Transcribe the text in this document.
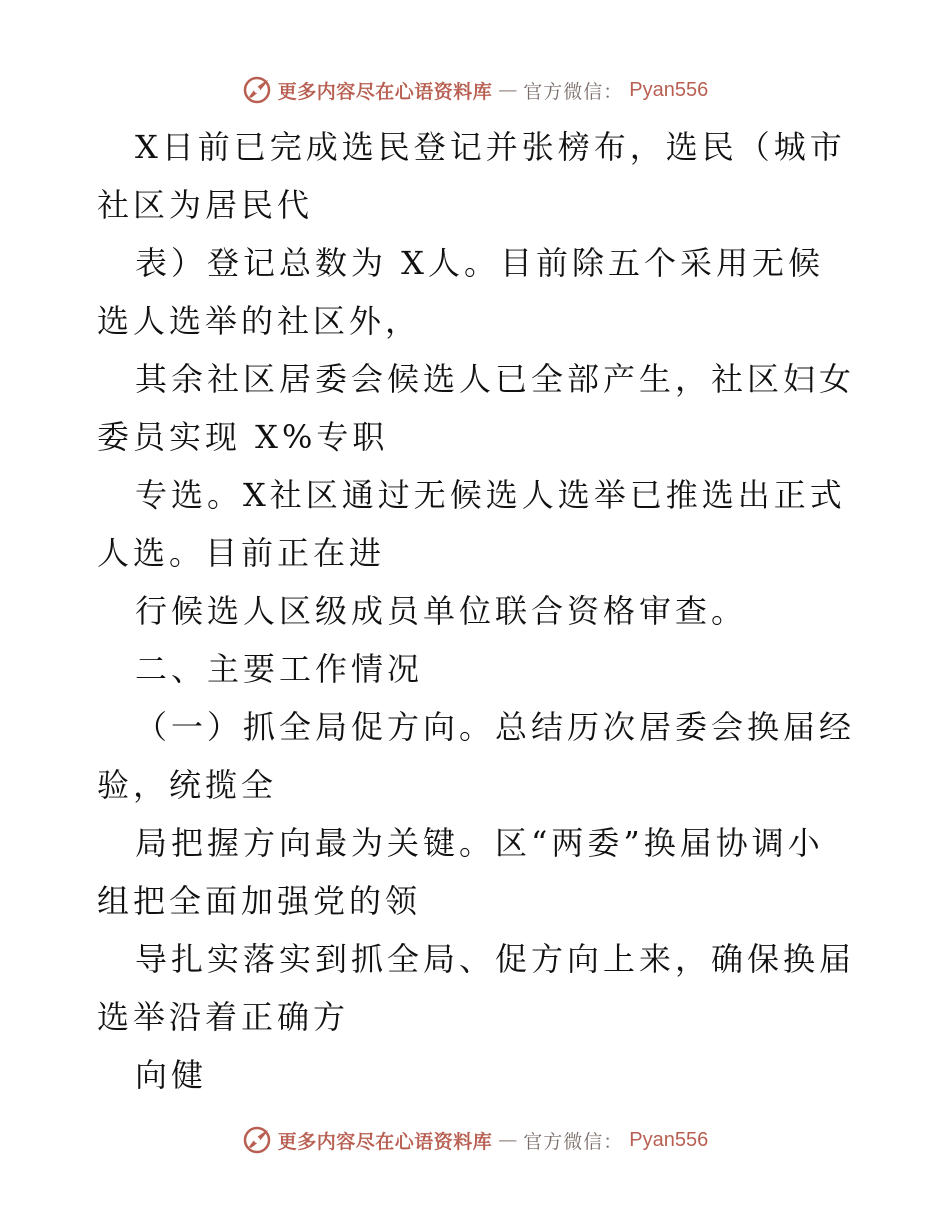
更多内容尽在心语资料库 — 官方微信： Pyan556

X日前已完成选民登记并张榜布，选民（城市社区为居民代

表）登记总数为 X人。目前除五个采用无候选人选举的社区外，

其余社区居委会候选人已全部产生，社区妇女委员实现 X%专职

专选。X社区通过无候选人选举已推选出正式人选。目前正在进

行候选人区级成员单位联合资格审查。

二、主要工作情况

（一）抓全局促方向。总结历次居委会换届经验，统揽全

局把握方向最为关键。区“两委”换届协调小组把全面加强党的领

导扎实落实到抓全局、促方向上来，确保换届选举沿着正确方

向健

更多内容尽在心语资料库 — 官方微信： Pyan556
